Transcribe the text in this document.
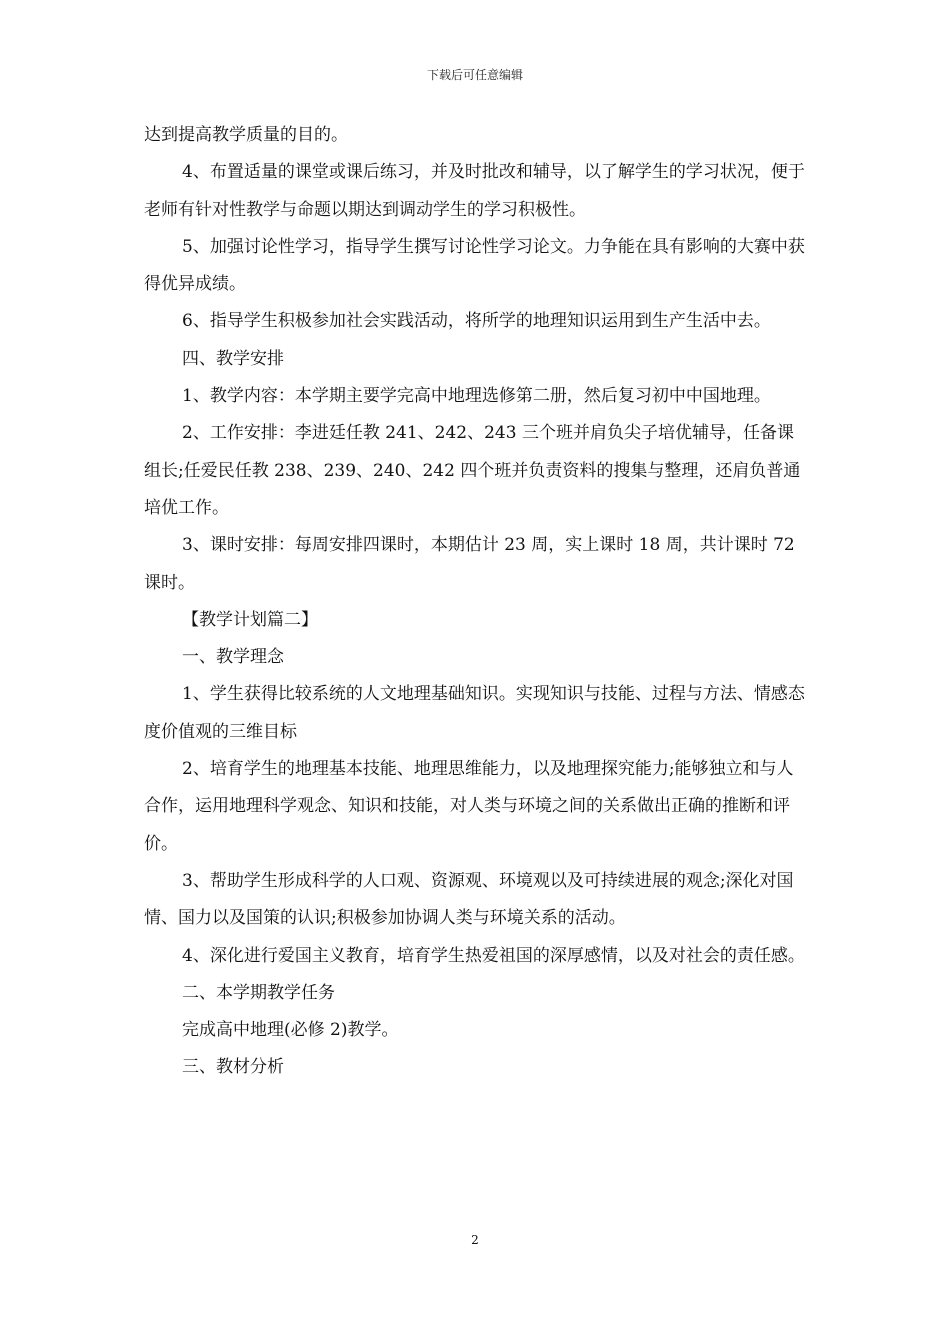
下载后可任意编辑

达到提高教学质量的目的。

4、布置适量的课堂或课后练习，并及时批改和辅导，以了解学生的学习状况，便于老师有针对性教学与命题以期达到调动学生的学习积极性。

5、加强讨论性学习，指导学生撰写讨论性学习论文。力争能在具有影响的大赛中获得优异成绩。

6、指导学生积极参加社会实践活动，将所学的地理知识运用到生产生活中去。

四、教学安排

1、教学内容：本学期主要学完高中地理选修第二册，然后复习初中中国地理。

2、工作安排：李进廷任教 241、242、243 三个班并肩负尖子培优辅导，任备课组长;任爱民任教 238、239、240、242 四个班并负责资料的搜集与整理，还肩负普通培优工作。

3、课时安排：每周安排四课时，本期估计 23 周，实上课时 18 周，共计课时 72 课时。

【教学计划篇二】

一、教学理念

1、学生获得比较系统的人文地理基础知识。实现知识与技能、过程与方法、情感态度价值观的三维目标

2、培育学生的地理基本技能、地理思维能力，以及地理探究能力;能够独立和与人合作，运用地理科学观念、知识和技能，对人类与环境之间的关系做出正确的推断和评价。

3、帮助学生形成科学的人口观、资源观、环境观以及可持续进展的观念;深化对国情、国力以及国策的认识;积极参加协调人类与环境关系的活动。

4、深化进行爱国主义教育，培育学生热爱祖国的深厚感情，以及对社会的责任感。

二、本学期教学任务

完成高中地理(必修 2)教学。

三、教材分析

2
